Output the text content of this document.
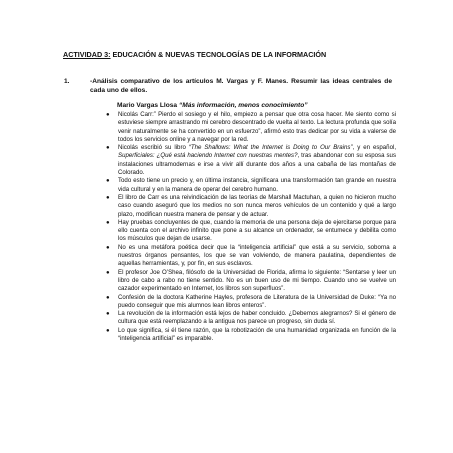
ACTIVIDAD 3: EDUCACIÓN & NUEVAS TECNOLOGÍAS DE LA INFORMACIÓN
1.	-Análisis comparativo de los artículos M. Vargas y F. Manes. Resumir las ideas centrales de cada uno de ellos.
Mario Vargas Llosa “Más información, menos conocimiento”
● Nicolás Carr:” Pierdo el sosiego y el hilo, empiezo a pensar que otra cosa hacer. Me siento como si estuviese siempre arrastrando mi cerebro descentrado de vuelta al texto. La lectura profunda que solía venir naturalmente se ha convertido en un esfuerzo”, afirmó esto tras dedicar por su vida a valerse de todos los servicios online y a navegar por la red.
● Nicolás escribió su libro “The Shallows: What the Internet is Doing to Our Brains”, y en español, Superficiales: ¿Qué está haciendo Internet con nuestras mentes?, tras abandonar con su esposa sus instalaciones ultramodernas e irse a vivir allí durante dos años a una cabaña de las montañas de Colorado.
● Todo esto tiene un precio y, en última instancia, significara una transformación tan grande en nuestra vida cultural y en la manera de operar del cerebro humano.
● El libro de Carr es una reivindicación de las teorías de Marshall Mactuhan, a quien no hicieron mucho caso cuando aseguró que los medios no son nunca meros vehículos de un contenido y qué a largo plazo, modifican nuestra manera de pensar y de actuar.
● Hay pruebas concluyentes de que, cuando la memoria de una persona deja de ejercitarse porque para ello cuenta con el archivo infinito que pone a su alcance un ordenador, se entumece y debilita como los músculos que dejan de usarse.
● No es una metáfora poética decir que la “inteligencia artificial” que está a su servicio, soborna a nuestros órganos pensantes, los que se van volviendo, de manera paulatina, dependientes de aquellas herramientas, y, por fin, en sus esclavos.
● El profesor Joe O’Shea, filósofo de la Universidad de Florida, afirma lo siguiente: “Sentarse y leer un libro de cabo a rabo no tiene sentido. No es un buen uso de mi tiempo. Cuando uno se vuelve un cazador experimentado en Internet, los libros son superfluos”.
● Confesión de la doctora Katherine Hayles, profesora de Literatura de la Universidad de Duke: “Ya no puedo conseguir que mis alumnos lean libros enteros”.
● La revolución de la información está lejos de haber concluido. ¿Debemos alegrarnos? Si el género de cultura que está reemplazando a la antigua nos parece un progreso, sin duda sí.
● Lo que significa, si él tiene razón, que la robotización de una humanidad organizada en función de la “inteligencia artificial” es imparable.
